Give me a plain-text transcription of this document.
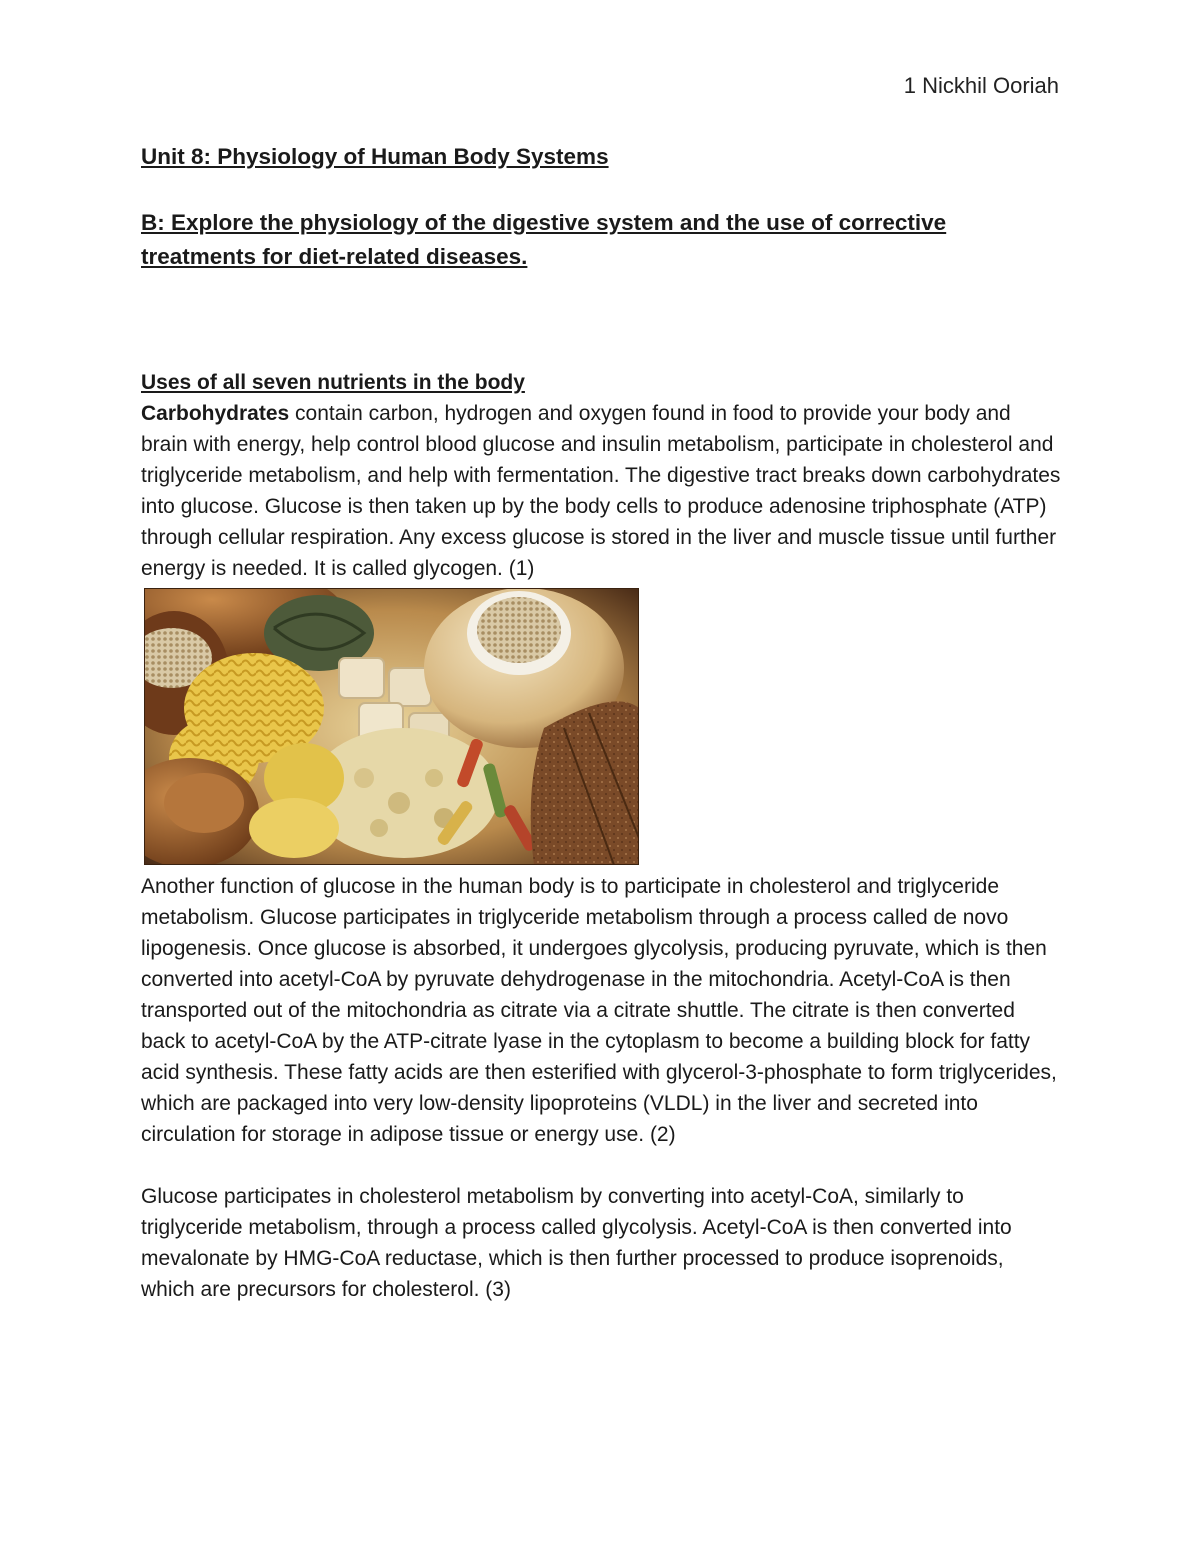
1 Nickhil Ooriah
Unit 8: Physiology of Human Body Systems
B: Explore the physiology of the digestive system and the use of corrective treatments for diet-related diseases.
Uses of all seven nutrients in the body

Carbohydrates contain carbon, hydrogen and oxygen found in food to provide your body and brain with energy, help control blood glucose and insulin metabolism, participate in cholesterol and triglyceride metabolism, and help with fermentation. The digestive tract breaks down carbohydrates into glucose. Glucose is then taken up by the body cells to produce adenosine triphosphate (ATP) through cellular respiration. Any excess glucose is stored in the liver and muscle tissue until further energy is needed. It is called glycogen. (1)

Another function of glucose in the human body is to participate in cholesterol and triglyceride metabolism. Glucose participates in triglyceride metabolism through a process called de novo lipogenesis. Once glucose is absorbed, it undergoes glycolysis, producing pyruvate, which is then converted into acetyl-CoA by pyruvate dehydrogenase in the mitochondria. Acetyl-CoA is then transported out of the mitochondria as citrate via a citrate shuttle. The citrate is then converted back to acetyl-CoA by the ATP-citrate lyase in the cytoplasm to become a building block for fatty acid synthesis. These fatty acids are then esterified with glycerol-3-phosphate to form triglycerides, which are packaged into very low-density lipoproteins (VLDL) in the liver and secreted into circulation for storage in adipose tissue or energy use. (2)

Glucose participates in cholesterol metabolism by converting into acetyl-CoA, similarly to triglyceride metabolism, through a process called glycolysis. Acetyl-CoA is then converted into mevalonate by HMG-CoA reductase, which is then further processed to produce isoprenoids, which are precursors for cholesterol. (3)
